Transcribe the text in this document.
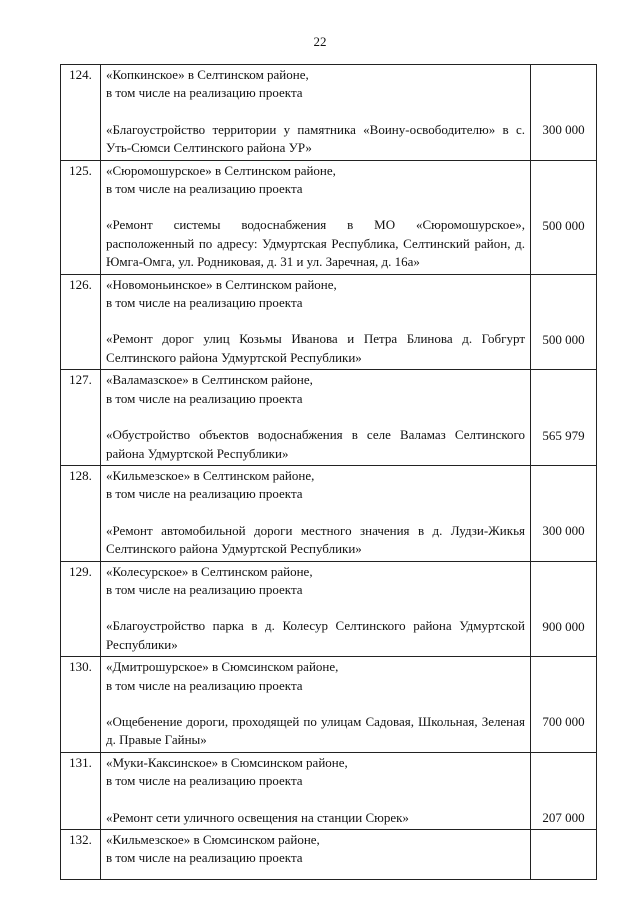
22
124.	«Копкинское» в Селтинском районе,
в том числе на реализацию проекта
«Благоустройство территории у памятника «Воину-освободителю» в с. Уть-Сюмси Селтинского района УР»	300 000

125.	«Сюромошурское» в Селтинском районе,
в том числе на реализацию проекта
«Ремонт системы водоснабжения в МО «Сюромошурское», расположенный по адресу: Удмуртская Республика, Селтинский район, д. Юмга-Омга, ул. Родниковая, д. 31 и ул. Заречная, д. 16а»	500 000

126.	«Новомоньинское» в Селтинском районе,
в том числе на реализацию проекта
«Ремонт дорог улиц Козьмы Иванова и Петра Блинова д. Гобгурт Селтинского района Удмуртской Республики»	500 000

127.	«Валамазское» в Селтинском районе,
в том числе на реализацию проекта
«Обустройство объектов водоснабжения в селе Валамаз Селтинского района Удмуртской Республики»	565 979

128.	«Кильмезское» в Селтинском районе,
в том числе на реализацию проекта
«Ремонт автомобильной дороги местного значения в д. Лудзи-Жикья Селтинского района Удмуртской Республики»	300 000

129.	«Колесурское» в Селтинском районе,
в том числе на реализацию проекта
«Благоустройство парка в д. Колесур Селтинского района Удмуртской Республики»	900 000

130.	«Дмитрошурское» в Сюмсинском районе,
в том числе на реализацию проекта
«Ощебенение дороги, проходящей по улицам Садовая, Школьная, Зеленая д. Правые Гайны»	700 000

131.	«Муки-Каксинское» в Сюмсинском районе,
в том числе на реализацию проекта
«Ремонт сети уличного освещения на станции Сюрек»	207 000

132.	«Кильмезское» в Сюмсинском районе,
в том числе на реализацию проекта	
